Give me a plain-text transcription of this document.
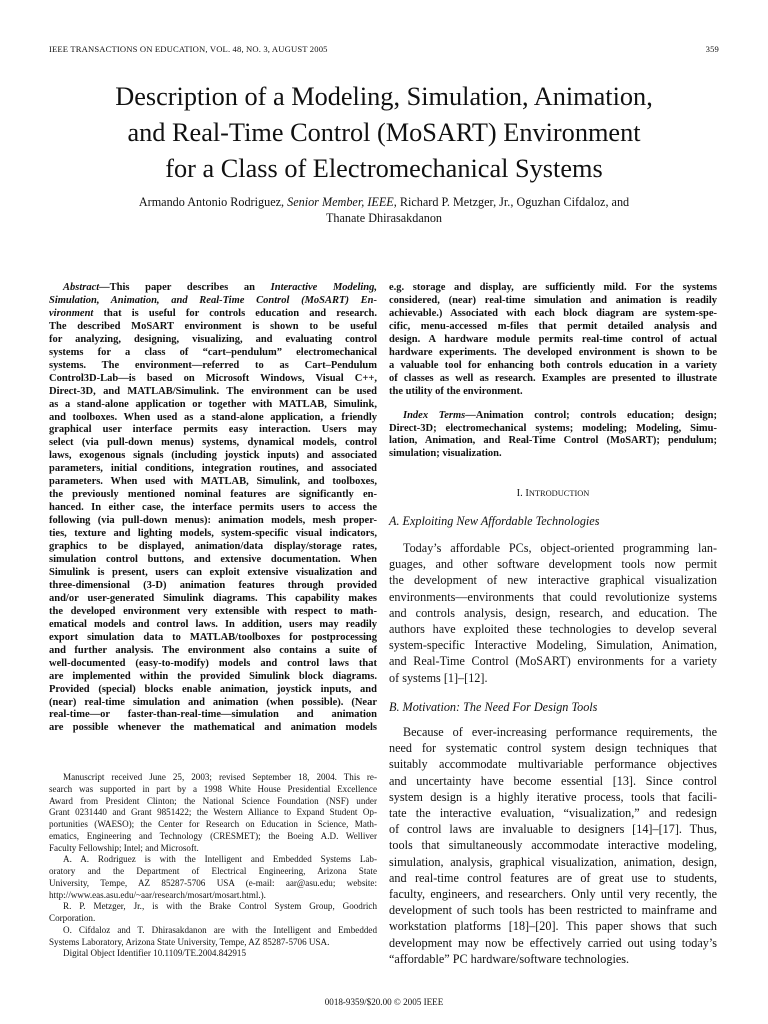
IEEE TRANSACTIONS ON EDUCATION, VOL. 48, NO. 3, AUGUST 2005	359
Description of a Modeling, Simulation, Animation,
and Real-Time Control (MoSART) Environment
for a Class of Electromechanical Systems
Armando Antonio Rodriguez, Senior Member, IEEE, Richard P. Metzger, Jr., Oguzhan Cifdaloz, and
Thanate Dhirasakdanon
Abstract—This paper describes an Interactive Modeling,
Simulation, Animation, and Real-Time Control (MoSART) En-
vironment that is useful for controls education and research.
The described MoSART environment is shown to be useful
for analyzing, designing, visualizing, and evaluating control
systems for a class of “cart–pendulum” electromechanical
systems. The environment—referred to as Cart–Pendulum
Control3D-Lab—is based on Microsoft Windows, Visual C++,
Direct-3D, and MATLAB/Simulink. The environment can be used
as a stand-alone application or together with MATLAB, Simulink,
and toolboxes. When used as a stand-alone application, a friendly
graphical user interface permits easy interaction. Users may
select (via pull-down menus) systems, dynamical models, control
laws, exogenous signals (including joystick inputs) and associated
parameters, initial conditions, integration routines, and associated
parameters. When used with MATLAB, Simulink, and toolboxes,
the previously mentioned nominal features are significantly en-
hanced. In either case, the interface permits users to access the
following (via pull-down menus): animation models, mesh proper-
ties, texture and lighting models, system-specific visual indicators,
graphics to be displayed, animation/data display/storage rates,
simulation control buttons, and extensive documentation. When
Simulink is present, users can exploit extensive visualization and
three-dimensional (3-D) animation features through provided
and/or user-generated Simulink diagrams. This capability makes
the developed environment very extensible with respect to math-
ematical models and control laws. In addition, users may readily
export simulation data to MATLAB/toolboxes for postprocessing
and further analysis. The environment also contains a suite of
well-documented (easy-to-modify) models and control laws that
are implemented within the provided Simulink block diagrams.
Provided (special) blocks enable animation, joystick inputs, and
(near) real-time simulation and animation (when possible). (Near
real-time—or faster-than-real-time—simulation and animation
are possible whenever the mathematical and animation models
e.g. storage and display, are sufficiently mild. For the systems
considered, (near) real-time simulation and animation is readily
achievable.) Associated with each block diagram are system-spe-
cific, menu-accessed m-files that permit detailed analysis and
design. A hardware module permits real-time control of actual
hardware experiments. The developed environment is shown to be
a valuable tool for enhancing both controls education in a variety
of classes as well as research. Examples are presented to illustrate
the utility of the environment.
Index Terms—Animation control; controls education; design;
Direct-3D; electromechanical systems; modeling; Modeling, Simu-
lation, Animation, and Real-Time Control (MoSART); pendulum;
simulation; visualization.
I. INTRODUCTION
A. Exploiting New Affordable Technologies
Today’s affordable PCs, object-oriented programming lan-
guages, and other software development tools now permit
the development of new interactive graphical visualization
environments—environments that could revolutionize systems
and controls analysis, design, research, and education. The
authors have exploited these technologies to develop several
system-specific Interactive Modeling, Simulation, Animation,
and Real-Time Control (MoSART) environments for a variety
of systems [1]–[12].
B. Motivation: The Need For Design Tools
Because of ever-increasing performance requirements, the
need for systematic control system design techniques that
suitably accommodate multivariable performance objectives
and uncertainty have become essential [13]. Since control
system design is a highly iterative process, tools that facili-
tate the interactive evaluation, “visualization,” and redesign
of control laws are invaluable to designers [14]–[17]. Thus,
tools that simultaneously accommodate interactive modeling,
simulation, analysis, graphical visualization, animation, design,
and real-time control features are of great use to students,
faculty, engineers, and researchers. Only until very recently, the
development of such tools has been restricted to mainframe and
workstation platforms [18]–[20]. This paper shows that such
development may now be effectively carried out using today’s
“affordable” PC hardware/software technologies.
Manuscript received June 25, 2003; revised September 18, 2004. This re-
search was supported in part by a 1998 White House Presidential Excellence
Award from President Clinton; the National Science Foundation (NSF) under
Grant 0231440 and Grant 9851422; the Western Alliance to Expand Student Op-
portunities (WAESO); the Center for Research on Education in Science, Math-
ematics, Engineering and Technology (CRESMET); the Boeing A.D. Welliver
Faculty Fellowship; Intel; and Microsoft.
A. A. Rodriguez is with the Intelligent and Embedded Systems Lab-
oratory and the Department of Electrical Engineering, Arizona State
University, Tempe, AZ 85287-5706 USA (e-mail: aar@asu.edu; website:
http://www.eas.asu.edu/~aar/research/mosart/mosart.html.).
R. P. Metzger, Jr., is with the Brake Control System Group, Goodrich
Corporation.
O. Cifdaloz and T. Dhirasakdanon are with the Intelligent and Embedded
Systems Laboratory, Arizona State University, Tempe, AZ 85287-5706 USA.
Digital Object Identifier 10.1109/TE.2004.842915
0018-9359/$20.00 © 2005 IEEE
